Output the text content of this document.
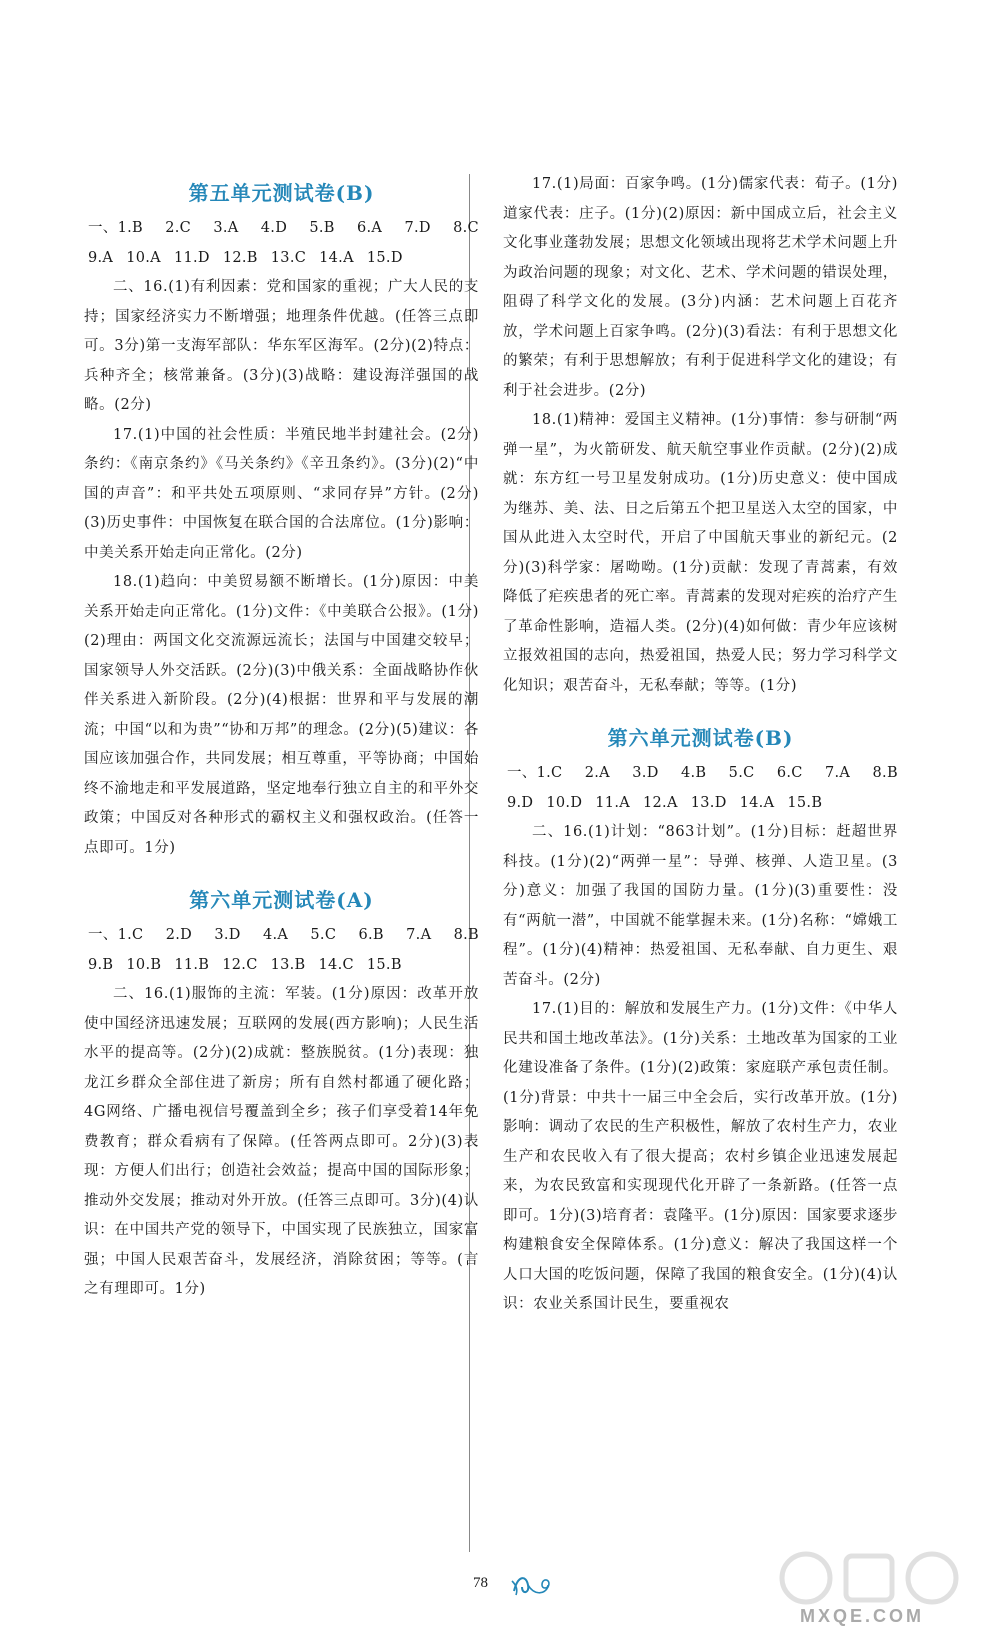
第五单元测试卷(B)
一、1.B 2.C 3.A 4.D 5.B 6.A 7.D 8.C
9.A 10.A 11.D 12.B 13.C 14.A 15.D

二、16.(1)有利因素：党和国家的重视；广大人民的支持；国家经济实力不断增强；地理条件优越。(任答三点即可。3分)第一支海军部队：华东军区海军。(2分)(2)特点：兵种齐全；核常兼备。(3分)(3)战略：建设海洋强国的战略。(2分)

17.(1)中国的社会性质：半殖民地半封建社会。(2分)条约：《南京条约》《马关条约》《辛丑条约》。(3分)(2)“中国的声音”：和平共处五项原则、“求同存异”方针。(2分)(3)历史事件：中国恢复在联合国的合法席位。(1分)影响：中美关系开始走向正常化。(2分)

18.(1)趋向：中美贸易额不断增长。(1分)原因：中美关系开始走向正常化。(1分)文件：《中美联合公报》。(1分)(2)理由：两国文化交流源远流长；法国与中国建交较早；国家领导人外交活跃。(2分)(3)中俄关系：全面战略协作伙伴关系进入新阶段。(2分)(4)根据：世界和平与发展的潮流；中国“以和为贵”“协和万邦”的理念。(2分)(5)建议：各国应该加强合作，共同发展；相互尊重，平等协商；中国始终不渝地走和平发展道路，坚定地奉行独立自主的和平外交政策；中国反对各种形式的霸权主义和强权政治。(任答一点即可。1分)

第六单元测试卷(A)
一、1.C 2.D 3.D 4.A 5.C 6.B 7.A 8.B
9.B 10.B 11.B 12.C 13.B 14.C 15.B

二、16.(1)服饰的主流：军装。(1分)原因：改革开放使中国经济迅速发展；互联网的发展(西方影响)；人民生活水平的提高等。(2分)(2)成就：整族脱贫。(1分)表现：独龙江乡群众全部住进了新房；所有自然村都通了硬化路；4G网络、广播电视信号覆盖到全乡；孩子们享受着14年免费教育；群众看病有了保障。(任答两点即可。2分)(3)表现：方便人们出行；创造社会效益；提高中国的国际形象；推动外交发展；推动对外开放。(任答三点即可。3分)(4)认识：在中国共产党的领导下，中国实现了民族独立，国家富强；中国人民艰苦奋斗，发展经济，消除贫困；等等。(言之有理即可。1分)

17.(1)局面：百家争鸣。(1分)儒家代表：荀子。(1分)道家代表：庄子。(1分)(2)原因：新中国成立后，社会主义文化事业蓬勃发展；思想文化领域出现将艺术学术问题上升为政治问题的现象；对文化、艺术、学术问题的错误处理，阻碍了科学文化的发展。(3分)内涵：艺术问题上百花齐放，学术问题上百家争鸣。(2分)(3)看法：有利于思想文化的繁荣；有利于思想解放；有利于促进科学文化的建设；有利于社会进步。(2分)

18.(1)精神：爱国主义精神。(1分)事情：参与研制“两弹一星”，为火箭研发、航天航空事业作贡献。(2分)(2)成就：东方红一号卫星发射成功。(1分)历史意义：使中国成为继苏、美、法、日之后第五个把卫星送入太空的国家，中国从此进入太空时代，开启了中国航天事业的新纪元。(2分)(3)科学家：屠呦呦。(1分)贡献：发现了青蒿素，有效降低了疟疾患者的死亡率。青蒿素的发现对疟疾的治疗产生了革命性影响，造福人类。(2分)(4)如何做：青少年应该树立报效祖国的志向，热爱祖国，热爱人民；努力学习科学文化知识；艰苦奋斗，无私奉献；等等。(1分)

第六单元测试卷(B)
一、1.C 2.A 3.D 4.B 5.C 6.C 7.A 8.B
9.D 10.D 11.A 12.A 13.D 14.A 15.B

二、16.(1)计划：“863计划”。(1分)目标：赶超世界科技。(1分)(2)“两弹一星”：导弹、核弹、人造卫星。(3分)意义：加强了我国的国防力量。(1分)(3)重要性：没有“两航一潜”，中国就不能掌握未来。(1分)名称：“嫦娥工程”。(1分)(4)精神：热爱祖国、无私奉献、自力更生、艰苦奋斗。(2分)

17.(1)目的：解放和发展生产力。(1分)文件：《中华人民共和国土地改革法》。(1分)关系：土地改革为国家的工业化建设准备了条件。(1分)(2)政策：家庭联产承包责任制。(1分)背景：中共十一届三中全会后，实行改革开放。(1分)影响：调动了农民的生产积极性，解放了农村生产力，农业生产和农民收入有了很大提高；农村乡镇企业迅速发展起来，为农民致富和实现现代化开辟了一条新路。(任答一点即可。1分)(3)培育者：袁隆平。(1分)原因：国家要求逐步构建粮食安全保障体系。(1分)意义：解决了我国这样一个人口大国的吃饭问题，保障了我国的粮食安全。(1分)(4)认识：农业关系国计民生，要重视农

78
MXQE.COM
